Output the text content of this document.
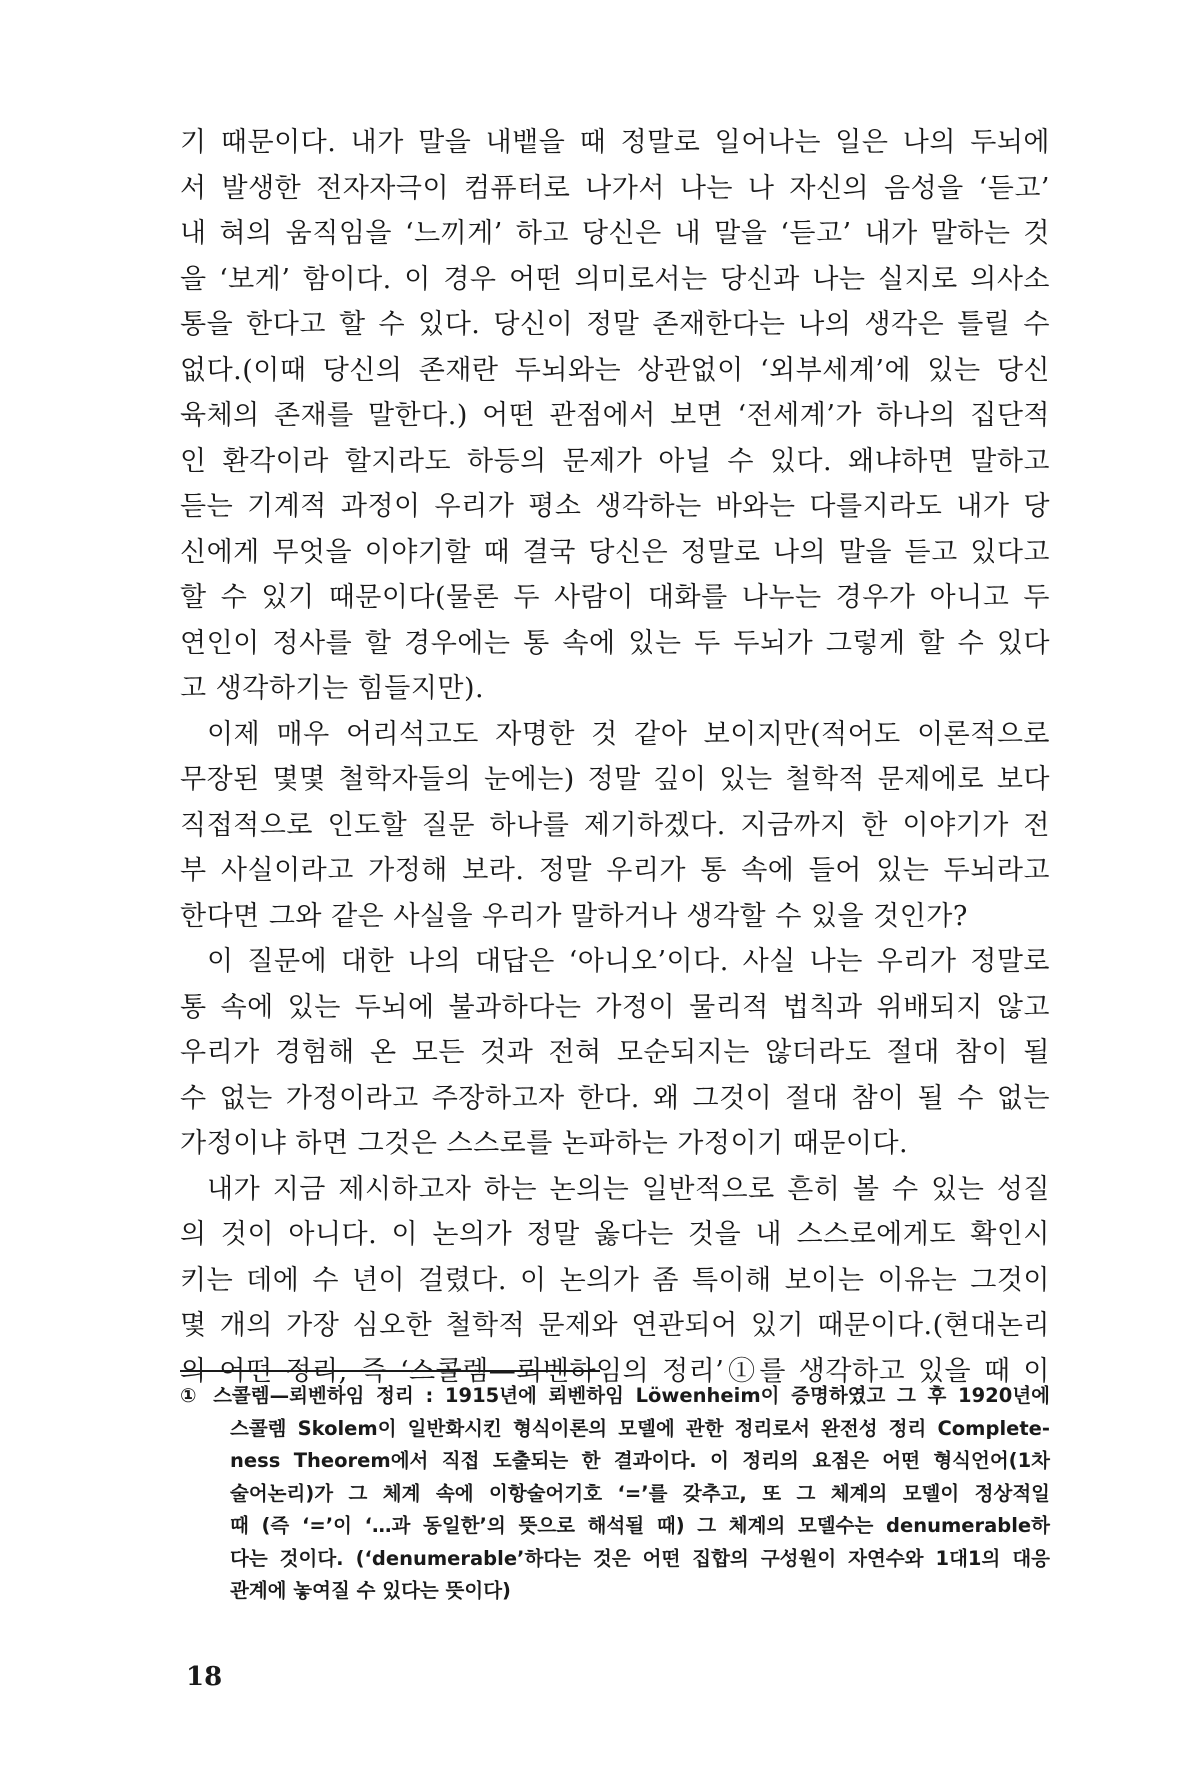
기 때문이다. 내가 말을 내뱉을 때 정말로 일어나는 일은 나의 두뇌에
서 발생한 전자자극이 컴퓨터로 나가서 나는 나 자신의 음성을 ‘듣고’
내 혀의 움직임을 ‘느끼게’ 하고 당신은 내 말을 ‘듣고’ 내가 말하는 것
을 ‘보게’ 함이다. 이 경우 어떤 의미로서는 당신과 나는 실지로 의사소
통을 한다고 할 수 있다. 당신이 정말 존재한다는 나의 생각은 틀릴 수
없다.(이때 당신의 존재란 두뇌와는 상관없이 ‘외부세계’에 있는 당신
육체의 존재를 말한다.) 어떤 관점에서 보면 ‘전세계’가 하나의 집단적
인 환각이라 할지라도 하등의 문제가 아닐 수 있다. 왜냐하면 말하고
듣는 기계적 과정이 우리가 평소 생각하는 바와는 다를지라도 내가 당
신에게 무엇을 이야기할 때 결국 당신은 정말로 나의 말을 듣고 있다고
할 수 있기 때문이다(물론 두 사람이 대화를 나누는 경우가 아니고 두
연인이 정사를 할 경우에는 통 속에 있는 두 두뇌가 그렇게 할 수 있다
고 생각하기는 힘들지만).
이제 매우 어리석고도 자명한 것 같아 보이지만(적어도 이론적으로
무장된 몇몇 철학자들의 눈에는) 정말 깊이 있는 철학적 문제에로 보다
직접적으로 인도할 질문 하나를 제기하겠다. 지금까지 한 이야기가 전
부 사실이라고 가정해 보라. 정말 우리가 통 속에 들어 있는 두뇌라고
한다면 그와 같은 사실을 우리가 말하거나 생각할 수 있을 것인가?
이 질문에 대한 나의 대답은 ‘아니오’이다. 사실 나는 우리가 정말로
통 속에 있는 두뇌에 불과하다는 가정이 물리적 법칙과 위배되지 않고
우리가 경험해 온 모든 것과 전혀 모순되지는 않더라도 절대 참이 될
수 없는 가정이라고 주장하고자 한다. 왜 그것이 절대 참이 될 수 없는
가정이냐 하면 그것은 스스로를 논파하는 가정이기 때문이다.
내가 지금 제시하고자 하는 논의는 일반적으로 흔히 볼 수 있는 성질
의 것이 아니다. 이 논의가 정말 옳다는 것을 내 스스로에게도 확인시
키는 데에 수 년이 걸렸다. 이 논의가 좀 특이해 보이는 이유는 그것이
몇 개의 가장 심오한 철학적 문제와 연관되어 있기 때문이다.(현대논리
의 어떤 정리, 즉 ‘스콜렘—뢰벤하임의 정리’①를 생각하고 있을 때 이
① 스콜렘—뢰벤하임 정리 : 1915년에 뢰벤하임 Löwenheim이 증명하였고 그 후 1920년에
스콜렘 Skolem이 일반화시킨 형식이론의 모델에 관한 정리로서 완전성 정리 Complete-
ness Theorem에서 직접 도출되는 한 결과이다. 이 정리의 요점은 어떤 형식언어(1차
술어논리)가 그 체계 속에 이항술어기호 ‘=’를 갖추고, 또 그 체계의 모델이 정상적일
때 (즉 ‘=’이 ‘…과 동일한’의 뜻으로 해석될 때) 그 체계의 모델수는 denumerable하
다는 것이다. (‘denumerable’하다는 것은 어떤 집합의 구성원이 자연수와 1대1의 대응
관계에 놓여질 수 있다는 뜻이다)
18
